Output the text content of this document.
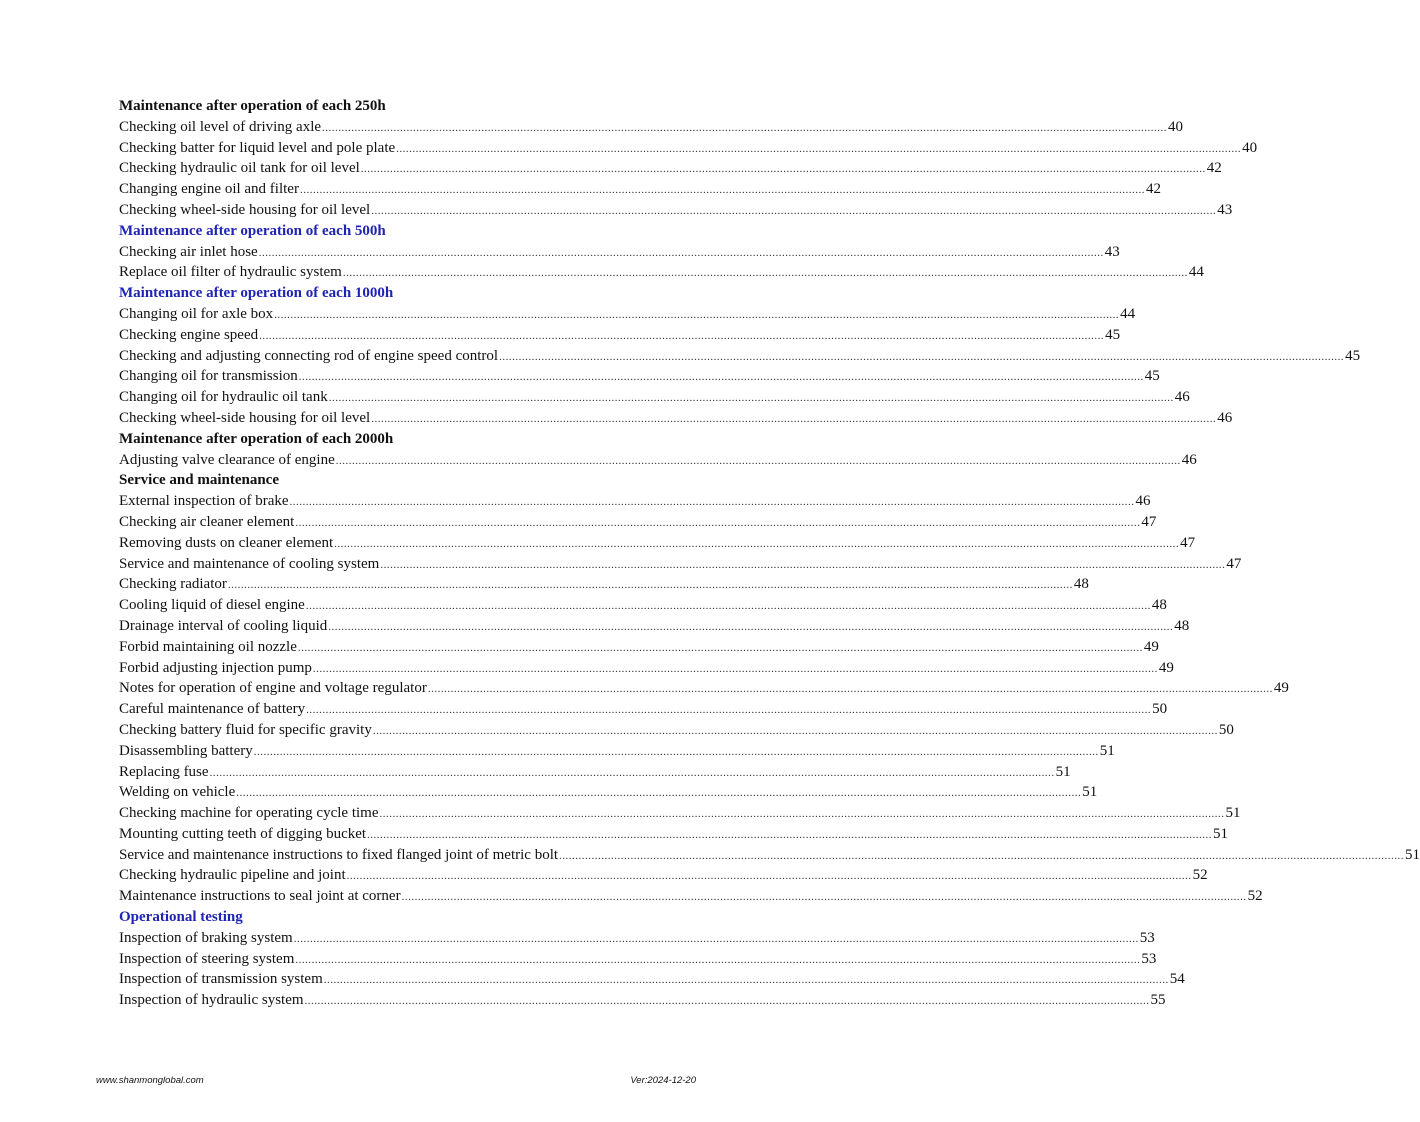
Maintenance after operation of each 250h
Checking oil level of driving axle .................................................................................................................................................................................................................................................................... 40
Checking batter for liquid level and pole plate .................................................................................................................................................................................................................................................................... 40
Checking hydraulic oil tank for oil level .................................................................................................................................................................................................................................................................... 42
Changing engine oil and filter .................................................................................................................................................................................................................................................................... 42
Checking wheel-side housing for oil level .................................................................................................................................................................................................................................................................... 43
Maintenance after operation of each 500h
Checking air inlet hose .................................................................................................................................................................................................................................................................... 43
Replace oil filter of hydraulic system .................................................................................................................................................................................................................................................................... 44
Maintenance after operation of each 1000h
Changing oil for axle box .................................................................................................................................................................................................................................................................... 44
Checking engine speed .................................................................................................................................................................................................................................................................... 45
Checking and adjusting connecting rod of engine speed control .................................................................................................................................................................................................................................................................... 45
Changing oil for transmission .................................................................................................................................................................................................................................................................... 45
Changing oil for hydraulic oil tank .................................................................................................................................................................................................................................................................... 46
Checking wheel-side housing for oil level .................................................................................................................................................................................................................................................................... 46
Maintenance after operation of each 2000h
Adjusting valve clearance of engine .................................................................................................................................................................................................................................................................... 46
Service and maintenance
External inspection of brake .................................................................................................................................................................................................................................................................... 46
Checking air cleaner element .................................................................................................................................................................................................................................................................... 47
Removing dusts on cleaner element .................................................................................................................................................................................................................................................................... 47
Service and maintenance of cooling system .................................................................................................................................................................................................................................................................... 47
Checking radiator .................................................................................................................................................................................................................................................................... 48
Cooling liquid of diesel engine .................................................................................................................................................................................................................................................................... 48
Drainage interval of cooling liquid .................................................................................................................................................................................................................................................................... 48
Forbid maintaining oil nozzle .................................................................................................................................................................................................................................................................... 49
Forbid adjusting injection pump .................................................................................................................................................................................................................................................................... 49
Notes for operation of engine and voltage regulator .................................................................................................................................................................................................................................................................... 49
Careful maintenance of battery .................................................................................................................................................................................................................................................................... 50
Checking battery fluid for specific gravity .................................................................................................................................................................................................................................................................... 50
Disassembling battery .................................................................................................................................................................................................................................................................... 51
Replacing fuse .................................................................................................................................................................................................................................................................... 51
Welding on vehicle .................................................................................................................................................................................................................................................................... 51
Checking machine for operating cycle time .................................................................................................................................................................................................................................................................... 51
Mounting cutting teeth of digging bucket .................................................................................................................................................................................................................................................................... 51
Service and maintenance instructions to fixed flanged joint of metric bolt .................................................................................................................................................................................................................................................................... 51
Checking hydraulic pipeline and joint .................................................................................................................................................................................................................................................................... 52
Maintenance instructions to seal joint at corner .................................................................................................................................................................................................................................................................... 52
Operational testing
Inspection of braking system .................................................................................................................................................................................................................................................................... 53
Inspection of steering system .................................................................................................................................................................................................................................................................... 53
Inspection of transmission system .................................................................................................................................................................................................................................................................... 54
Inspection of hydraulic system .................................................................................................................................................................................................................................................................... 55
www.shanmonglobal.com	Ver:2024-12-20
